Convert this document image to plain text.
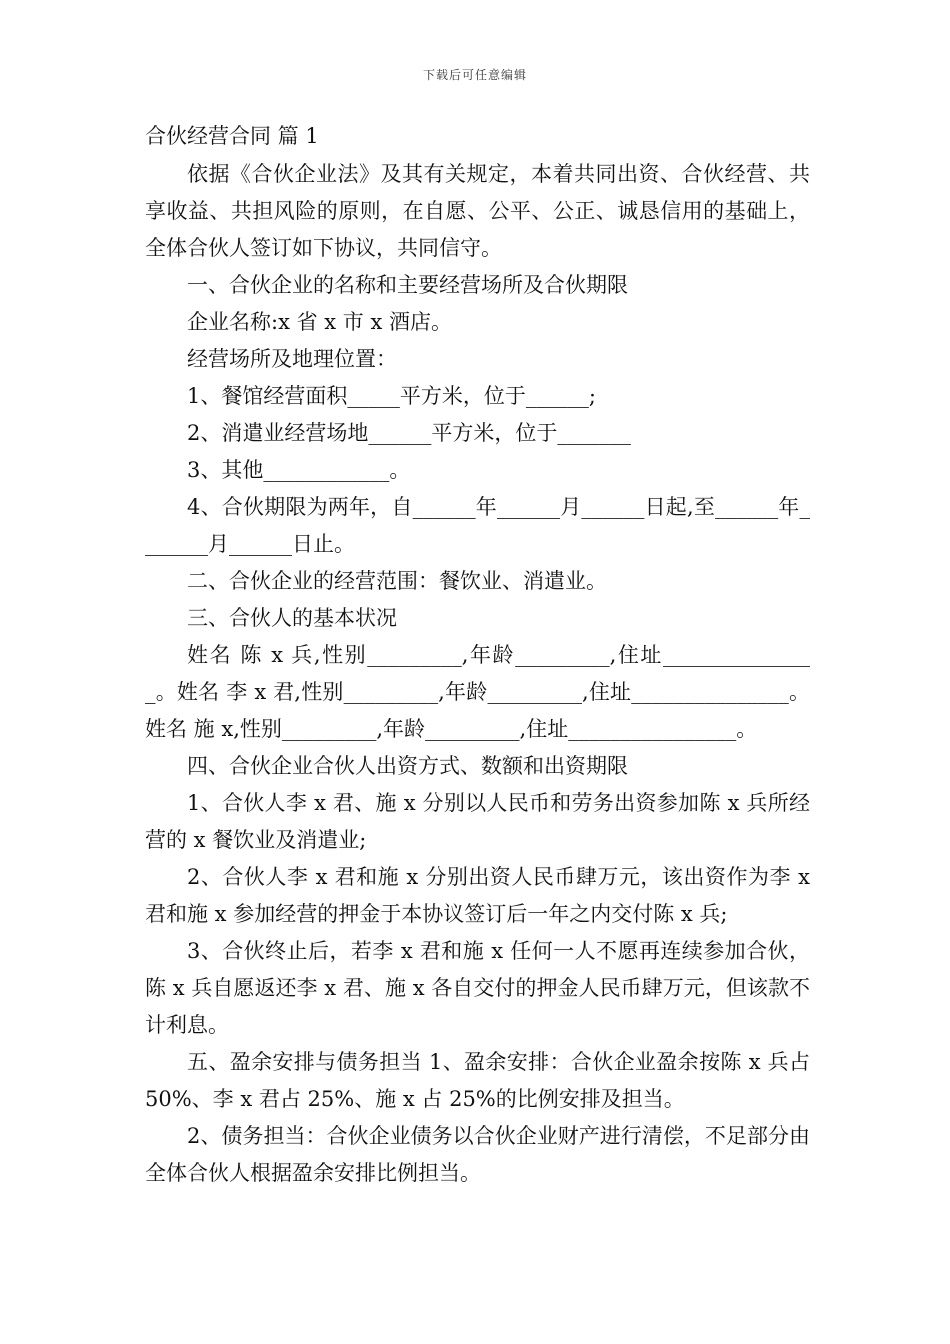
下载后可任意编辑
合伙经营合同 篇 1

依据《合伙企业法》及其有关规定，本着共同出资、合伙经营、共享收益、共担风险的原则，在自愿、公平、公正、诚恳信用的基础上，全体合伙人签订如下协议，共同信守。

一、合伙企业的名称和主要经营场所及合伙期限

企业名称:x 省 x 市 x 酒店。

经营场所及地理位置：

1、餐馆经营面积_____平方米，位于______;

2、消遣业经营场地______平方米，位于_______

3、其他____________。

4、合伙期限为两年，自______年______月______日起,至______年_______月______日止。

二、合伙企业的经营范围：餐饮业、消遣业。

三、合伙人的基本状况

姓名 陈 x 兵,性别_________,年龄_________,住址_______________。姓名 李 x 君,性别_________,年龄_________,住址_______________。 姓名 施 x,性别_________,年龄_________,住址________________。

四、合伙企业合伙人出资方式、数额和出资期限

1、合伙人李 x 君、施 x 分别以人民币和劳务出资参加陈 x 兵所经营的 x 餐饮业及消遣业;

2、合伙人李 x 君和施 x 分别出资人民币肆万元，该出资作为李 x 君和施 x 参加经营的押金于本协议签订后一年之内交付陈 x 兵;

3、合伙终止后，若李 x 君和施 x 任何一人不愿再连续参加合伙，陈 x 兵自愿返还李 x 君、施 x 各自交付的押金人民币肆万元，但该款不计利息。

五、盈余安排与债务担当 1、盈余安排：合伙企业盈余按陈 x 兵占 50%、李 x 君占 25%、施 x 占 25%的比例安排及担当。

2、债务担当：合伙企业债务以合伙企业财产进行清偿，不足部分由全体合伙人根据盈余安排比例担当。
